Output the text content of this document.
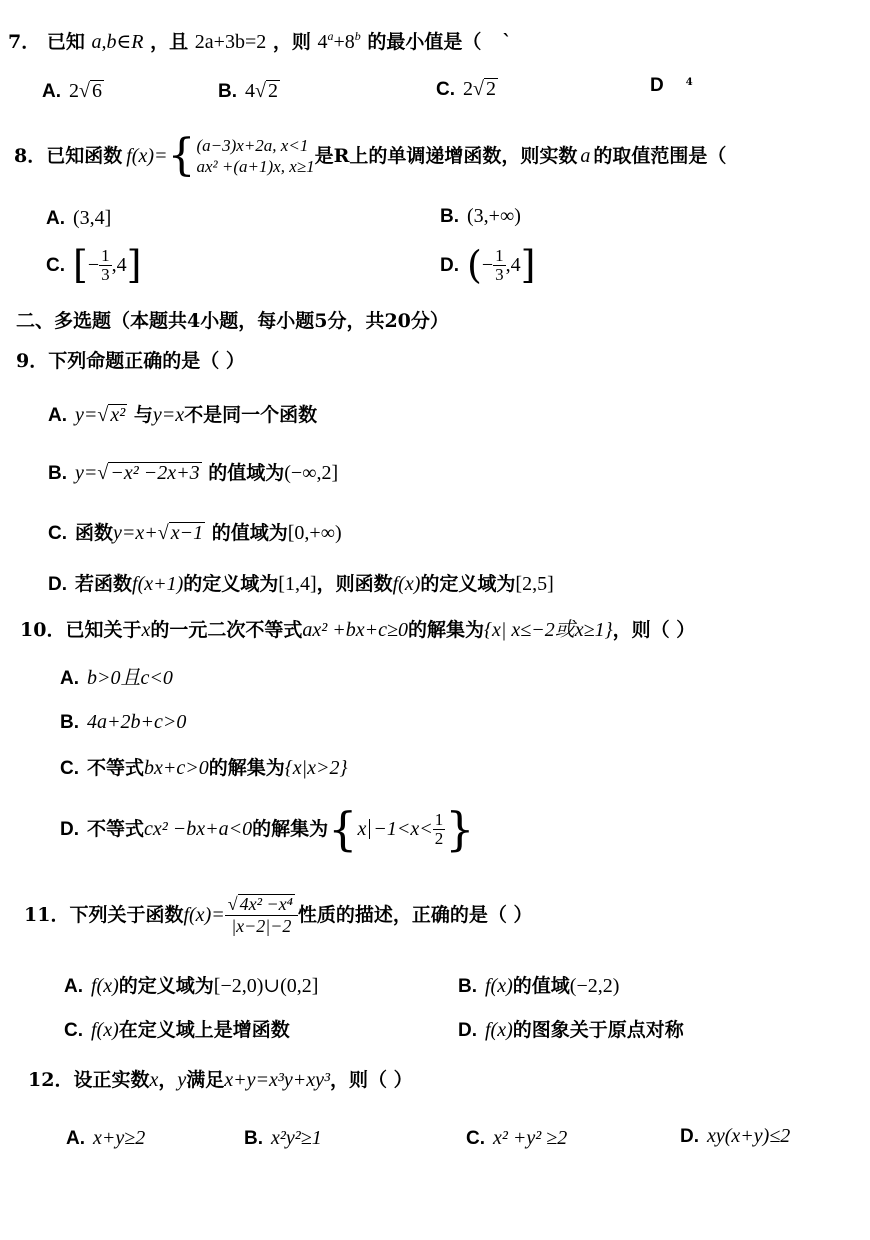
7． 已知 a,b∈R ，且 2a+3b=2 ，则 $4^a+8^b$ 的最小值是（ `
A. 2√ 6	B. 4√ 2	C. 2√ 2	D $^4$
8． 已知函数 f(x)= { (a−3)x+2a, x<1
ax² +(a+1)x, x≥1 是R上的单调递增函数，则实数 a 的取值范围是（
A. (3,4]	B. (3,+∞)
C. [ − $\frac{1}{3} ,4$ ]	D. ( − $\frac{1}{3} ,4$ ]
二、多选题（本题共4小题，每小题5分，共20分）
9．下列命题正确的是（ ）
A. y=√ x² 与y=x不是同一个函数
B. y=√ −x² −2x+3 的值域为(−∞,2]
C. 函数y=x+√ x−1 的值域为[0,+∞)
D. 若函数f(x+1)的定义域为[1,4]，则函数f(x)的定义域为[2,5]
10．已知关于x的一元二次不等式ax² +bx+c≥0的解集为{x| x≤−2或x≥1}，则（ ）
A. b>0且c<0
B. 4a+2b+c>0
C. 不等式bx+c>0的解集为{x|x>2}
D. 不等式 cx² −bx+a<0 的解集为 { $x -1<x< \frac{1}{2}$ }
11． 下列关于函数 $f(x)= \frac{\text{√ 4x² −x⁴}}{|x-2|-2}$ 性质的描述，正确的是（ ）
A. f(x)的定义域为[−2,0)∪(0,2]	B. f(x)的值域(−2,2)
C. f(x)在定义域上是增函数	D. f(x)的图象关于原点对称
12．设正实数x，y满足x+y=x³y+xy³，则（ ）
A. x+y≥2	B. x²y²≥1	C. x² +y² ≥2	D. xy(x+y)≤2
